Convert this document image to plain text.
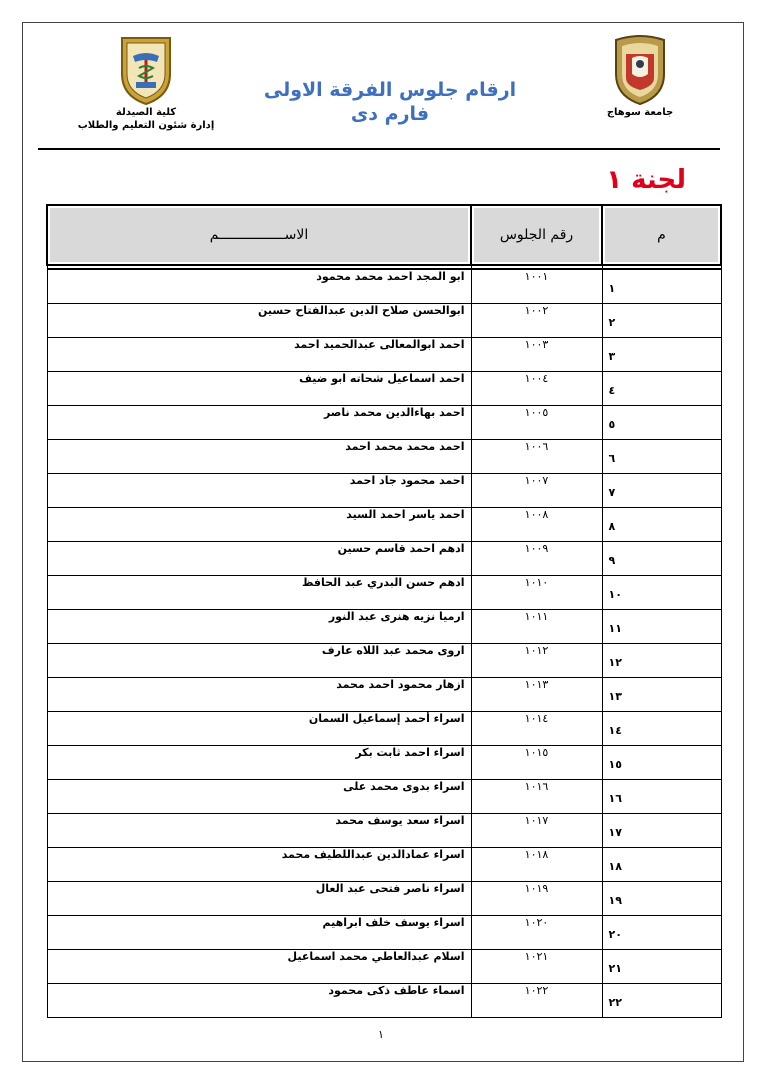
كلية الصيدلة
إدارة شئون التعليم والطلاب
ارقام جلوس الفرقة الاولى
فارم دى	جامعة سوهاج
لجنة ١
م	رقم الجلوس	الاســــــــــــــــم

١	١٠٠١	ابو المجد احمد محمد محمود
٢	١٠٠٢	ابوالحسن صلاح الدين عبدالفتاح حسين
٣	١٠٠٣	احمد ابوالمعالى عبدالحميد احمد
٤	١٠٠٤	احمد اسماعيل شحاته ابو ضيف
٥	١٠٠٥	احمد بهاءالدين محمد ناصر
٦	١٠٠٦	احمد محمد محمد احمد
٧	١٠٠٧	احمد محمود جاد احمد
٨	١٠٠٨	احمد ياسر احمد السيد
٩	١٠٠٩	ادهم احمد قاسم حسين
١٠	١٠١٠	ادهم حسن البدري عبد الحافظ
١١	١٠١١	ارميا نزيه هنرى عبد النور
١٢	١٠١٢	اروى محمد عبد اللاه عارف
١٣	١٠١٣	ازهار محمود احمد محمد
١٤	١٠١٤	اسراء أحمد إسماعيل السمان
١٥	١٠١٥	اسراء احمد ثابت بكر
١٦	١٠١٦	اسراء بدوى محمد على
١٧	١٠١٧	اسراء سعد يوسف محمد
١٨	١٠١٨	اسراء عمادالدين عبداللطيف محمد
١٩	١٠١٩	اسراء ناصر فتحى عبد العال
٢٠	١٠٢٠	اسراء يوسف خلف ابراهيم
٢١	١٠٢١	اسلام عبدالعاطي محمد اسماعيل
٢٢	١٠٢٢	اسماء عاطف ذكى محمود
١
